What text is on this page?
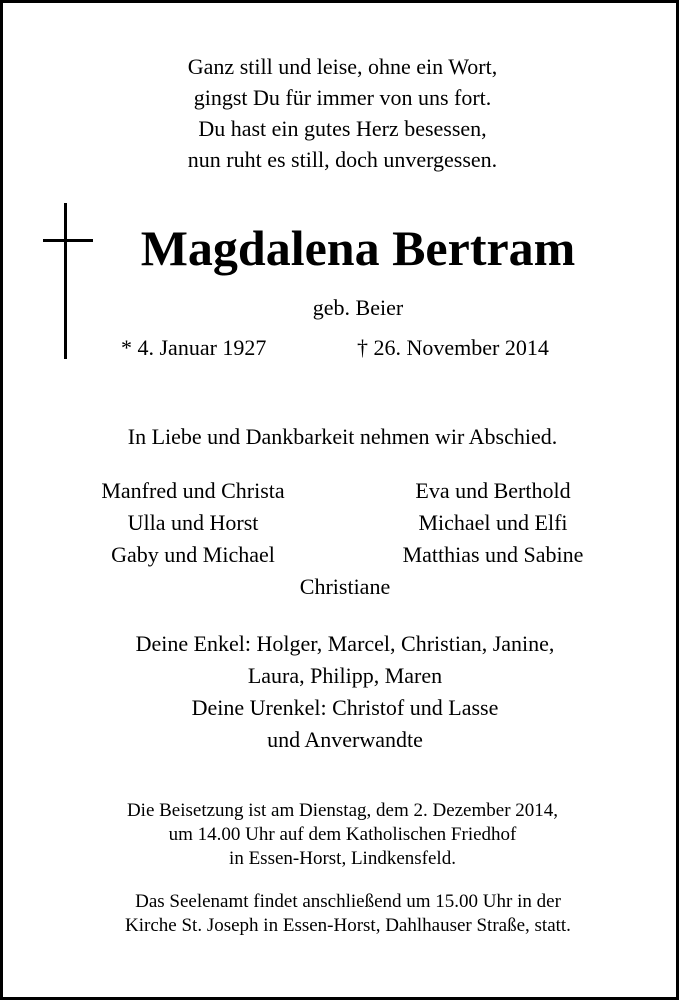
Ganz still und leise, ohne ein Wort,
gingst Du für immer von uns fort.
Du hast ein gutes Herz besessen,
nun ruht es still, doch unvergessen.
Magdalena Bertram
geb. Beier
* 4. Januar 1927	† 26. November 2014
In Liebe und Dankbarkeit nehmen wir Abschied.
Manfred und Christa
Ulla und Horst
Gaby und Michael
Eva und Berthold
Michael und Elfi
Matthias und Sabine
Christiane
Deine Enkel: Holger, Marcel, Christian, Janine,
Laura, Philipp, Maren
Deine Urenkel: Christof und Lasse
und Anverwandte
Die Beisetzung ist am Dienstag, dem 2. Dezember 2014,
um 14.00 Uhr auf dem Katholischen Friedhof
in Essen-Horst, Lindkensfeld.
Das Seelenamt findet anschließend um 15.00 Uhr in der
Kirche St. Joseph in Essen-Horst, Dahlhauser Straße, statt.
